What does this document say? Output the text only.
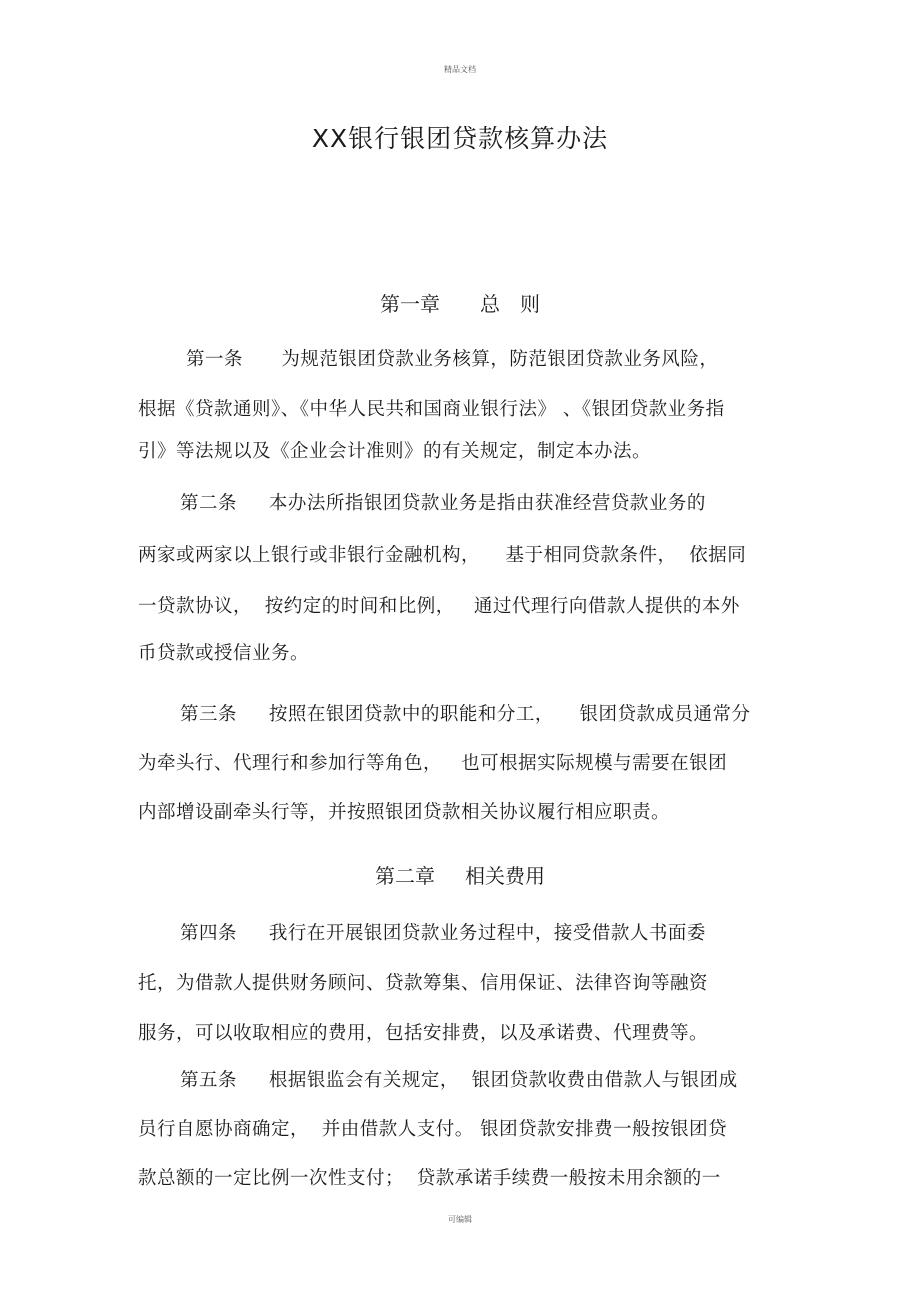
精品文档
XX银行银团贷款核算办法
第一章 总　则
第一条 为规范银团贷款业务核算，防范银团贷款业务风险，
根据《贷款通则》、《中华人民共和国商业银行法》 、《银团贷款业务指
引》等法规以及《企业会计准则》的有关规定，制定本办法。
第二条 本办法所指银团贷款业务是指由获准经营贷款业务的
两家或两家以上银行或非银行金融机构，    基于相同贷款条件，  依据同
一贷款协议，  按约定的时间和比例，   通过代理行向借款人提供的本外
币贷款或授信业务。
第三条 按照在银团贷款中的职能和分工，    银团贷款成员通常分
为牵头行、代理行和参加行等角色，   也可根据实际规模与需要在银团
内部增设副牵头行等，并按照银团贷款相关协议履行相应职责。
第二章 相关费用
第四条 我行在开展银团贷款业务过程中，接受借款人书面委
托，为借款人提供财务顾问、贷款筹集、信用保证、法律咨询等融资
服务，可以收取相应的费用，包括安排费，以及承诺费、代理费等。
第五条 根据银监会有关规定，  银团贷款收费由借款人与银团成
员行自愿协商确定，  并由借款人支付。 银团贷款安排费一般按银团贷
款总额的一定比例一次性支付；  贷款承诺手续费一般按未用余额的一
可编辑
